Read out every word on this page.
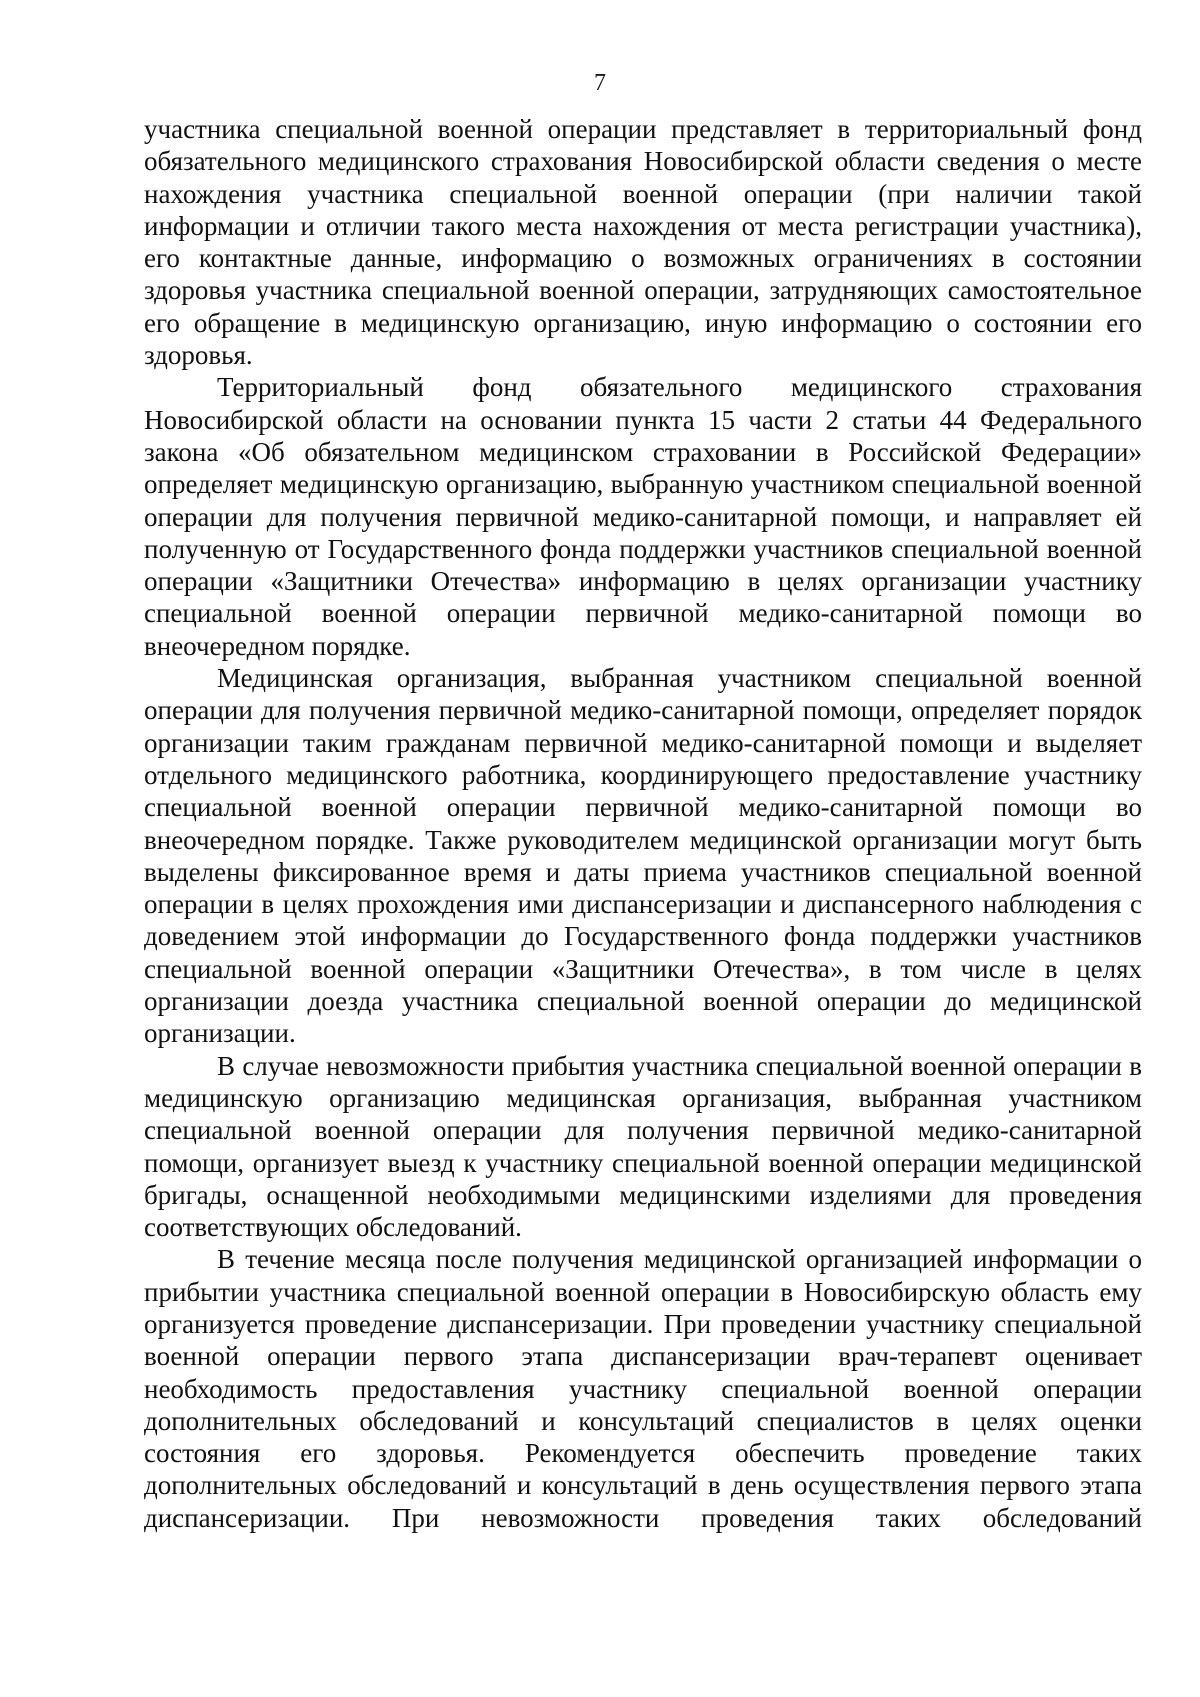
7

участника специальной военной операции представляет в территориальный фонд обязательного медицинского страхования Новосибирской области сведения о месте нахождения участника специальной военной операции (при наличии такой информации и отличии такого места нахождения от места регистрации участника), его контактные данные, информацию о возможных ограничениях в состоянии здоровья участника специальной военной операции, затрудняющих самостоятельное его обращение в медицинскую организацию, иную информацию о состоянии его здоровья.

Территориальный фонд обязательного медицинского страхования Новосибирской области на основании пункта 15 части 2 статьи 44 Федерального закона «Об обязательном медицинском страховании в Российской Федерации» определяет медицинскую организацию, выбранную участником специальной военной операции для получения первичной медико-санитарной помощи, и направляет ей полученную от Государственного фонда поддержки участников специальной военной операции «Защитники Отечества» информацию в целях организации участнику специальной военной операции первичной медико-санитарной помощи во внеочередном порядке.

Медицинская организация, выбранная участником специальной военной операции для получения первичной медико-санитарной помощи, определяет порядок организации таким гражданам первичной медико-санитарной помощи и выделяет отдельного медицинского работника, координирующего предоставление участнику специальной военной операции первичной медико-санитарной помощи во внеочередном порядке. Также руководителем медицинской организации могут быть выделены фиксированное время и даты приема участников специальной военной операции в целях прохождения ими диспансеризации и диспансерного наблюдения с доведением этой информации до Государственного фонда поддержки участников специальной военной операции «Защитники Отечества», в том числе в целях организации доезда участника специальной военной операции до медицинской организации.

В случае невозможности прибытия участника специальной военной операции в медицинскую организацию медицинская организация, выбранная участником специальной военной операции для получения первичной медико-санитарной помощи, организует выезд к участнику специальной военной операции медицинской бригады, оснащенной необходимыми медицинскими изделиями для проведения соответствующих обследований.

В течение месяца после получения медицинской организацией информации о прибытии участника специальной военной операции в Новосибирскую область ему организуется проведение диспансеризации. При проведении участнику специальной военной операции первого этапа диспансеризации врач-терапевт оценивает необходимость предоставления участнику специальной военной операции дополнительных обследований и консультаций специалистов в целях оценки состояния его здоровья. Рекомендуется обеспечить проведение таких дополнительных обследований и консультаций в день осуществления первого этапа диспансеризации. При невозможности проведения таких обследований
